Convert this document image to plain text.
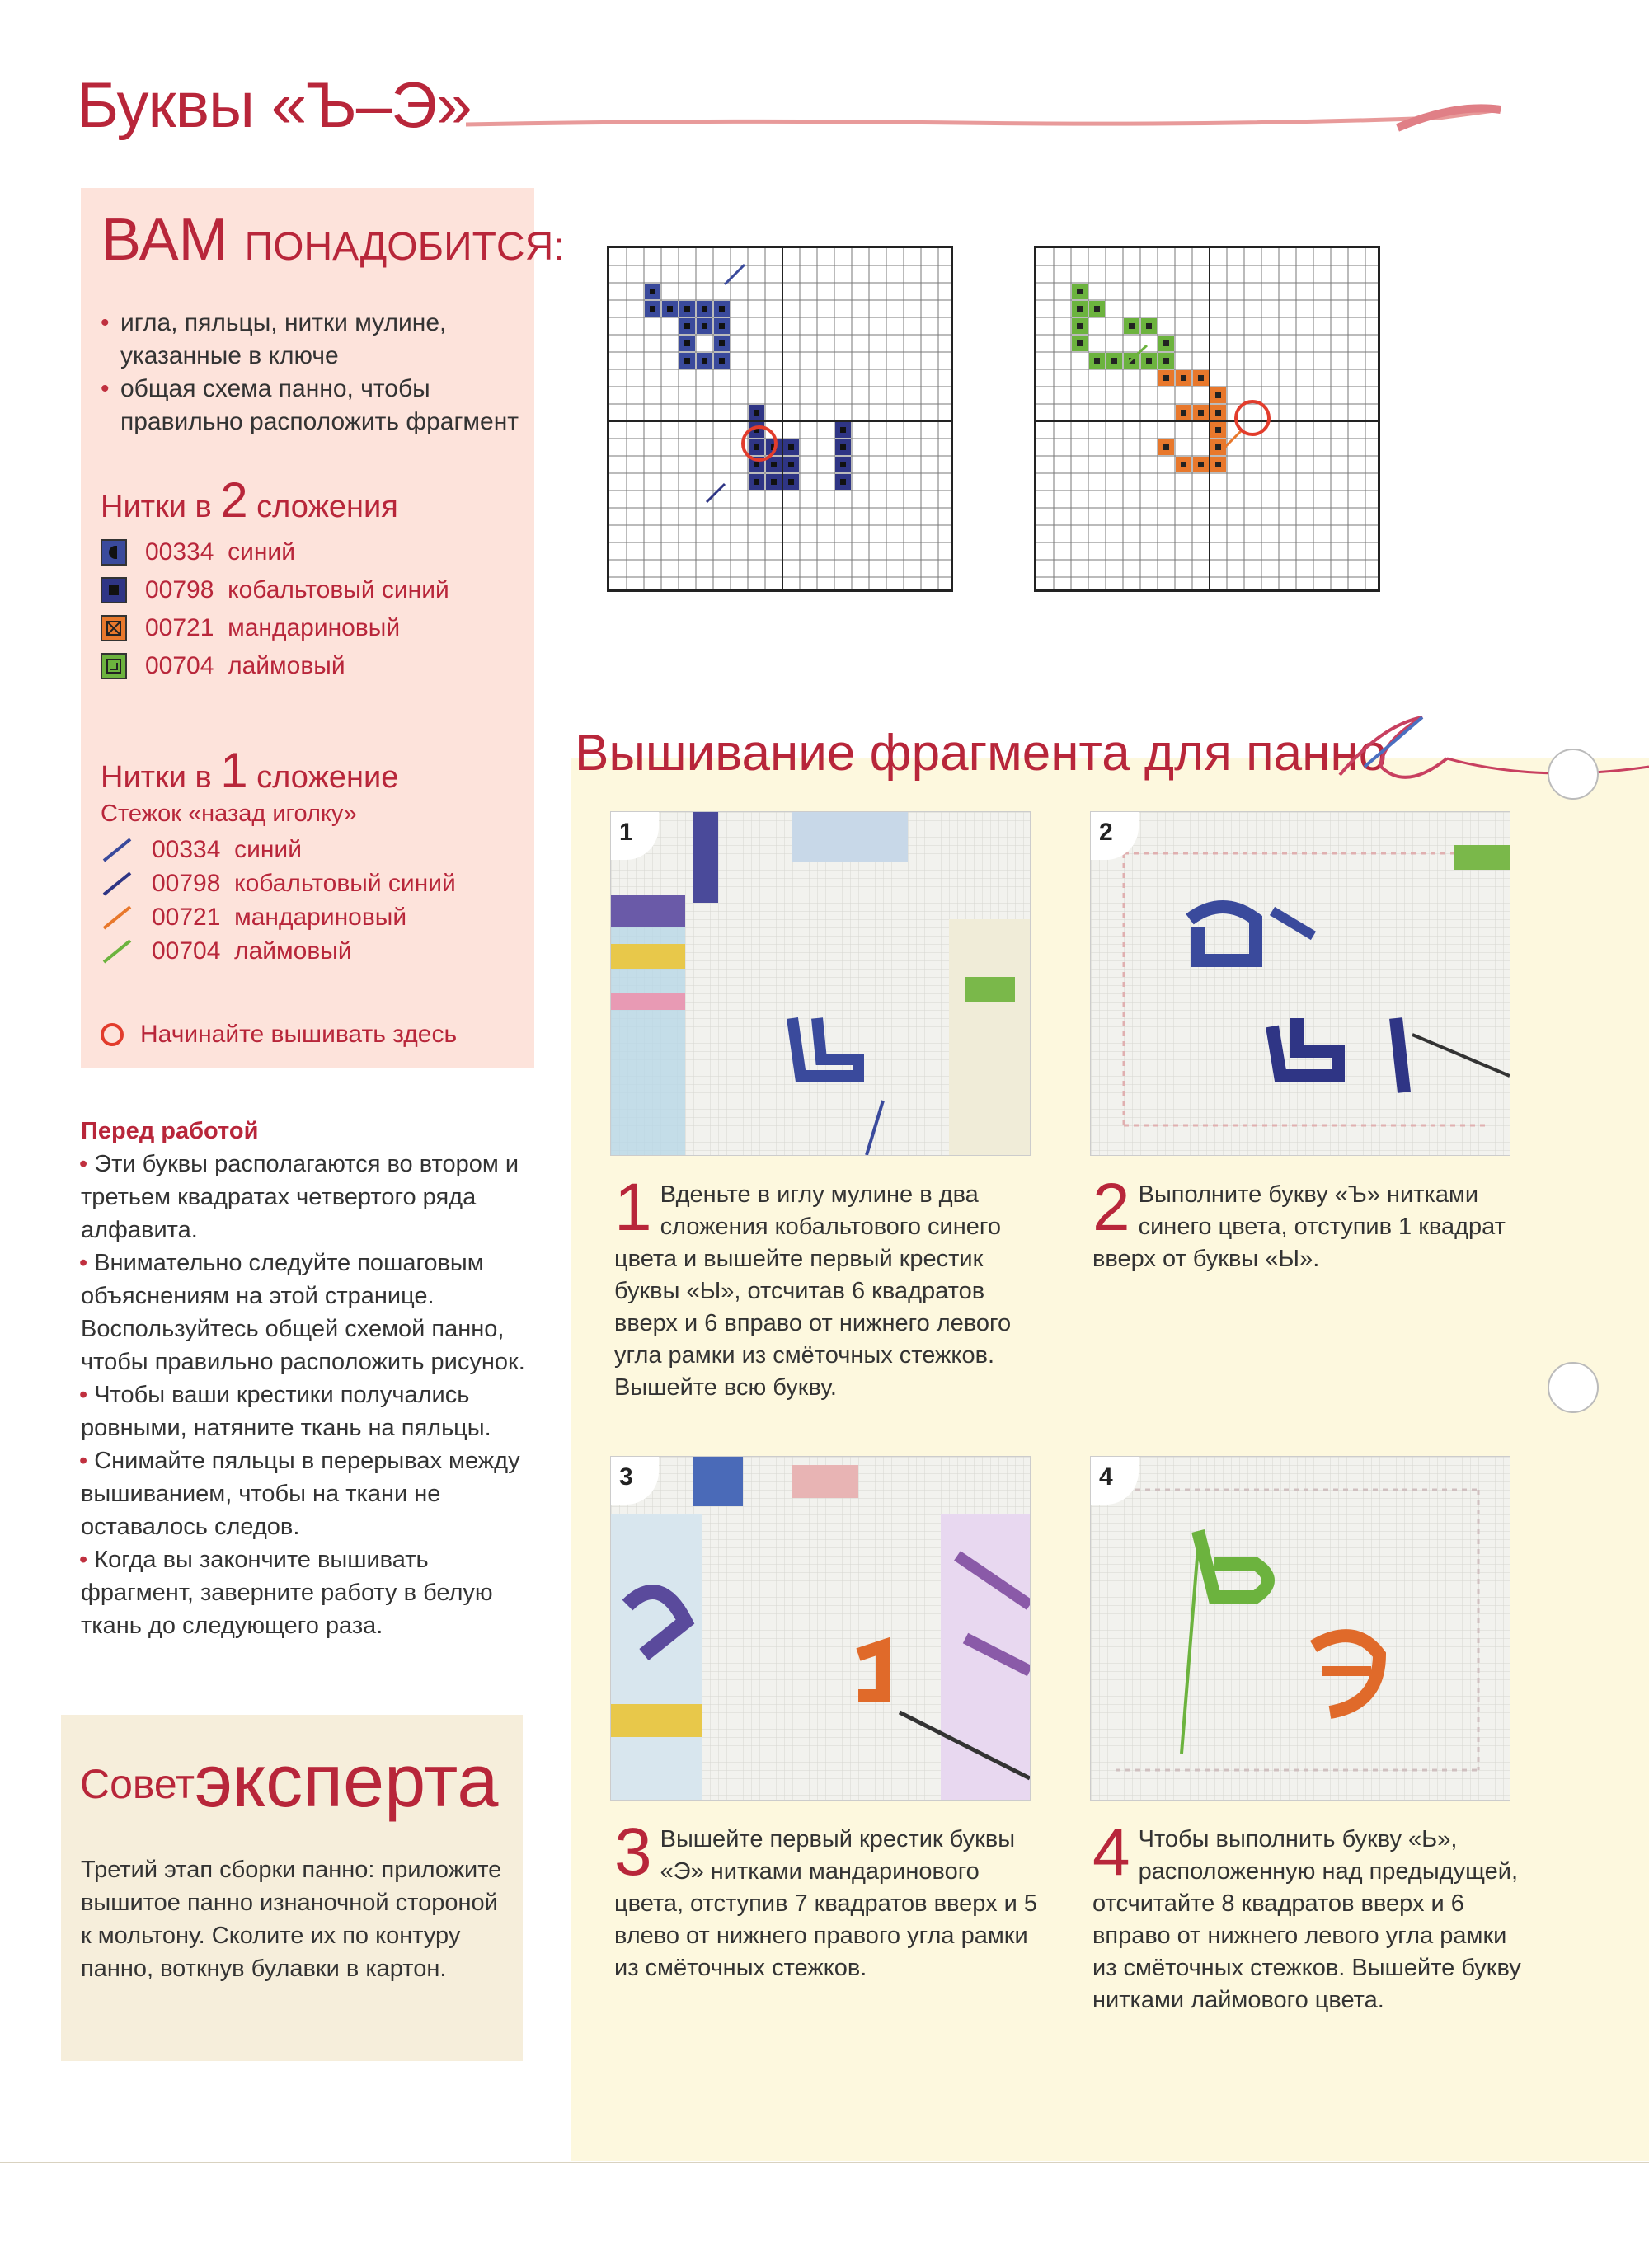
Буквы «Ъ–Э»
ВАМ ПОНАДОБИТСЯ:
• игла, пяльцы, нитки мулине, указанные в ключе
• общая схема панно, чтобы правильно расположить фрагмент
Нитки в 2 сложения
00334
синий
00798
кобальтовый синий
00721
мандариновый
00704
лаймовый
Нитки в 1 сложение
Стежок «назад иголку»
00334
синий
00798
кобальтовый синий
00721
мандариновый
00704
лаймовый
Начинайте вышивать здесь
Перед работой
• Эти буквы располагаются во втором и третьем квадратах четвертого ряда алфавита.
• Внимательно следуйте пошаговым объяснениям на этой странице. Воспользуйтесь общей схемой панно, чтобы правильно расположить рисунок.
• Чтобы ваши крестики получались ровными, натяните ткань на пяльцы.
• Снимайте пяльцы в перерывах между вышиванием, чтобы на ткани не оставалось следов.
• Когда вы закончите вышивать фрагмент, заверните работу в белую ткань до следующего раза.
Советэксперта
Третий этап сборки панно: приложите вышитое панно изнаночной стороной к мольтону. Сколите их по контуру панно, воткнув булавки в картон.
Вышивание фрагмента для панно
1	2
3	4
1 Вденьте в иглу мулине в два сложения кобальтового синего цвета и вышейте первый крестик буквы «Ы», отсчитав 6 квадратов вверх и 6 вправо от нижнего левого угла рамки из смёточных стежков. Вышейте всю букву.
2 Выполните букву «Ъ» нитками синего цвета, отступив 1 квадрат вверх от буквы «Ы».
3 Вышейте первый крестик буквы «Э» нитками мандаринового цвета, отступив 7 квадратов вверх и 5 влево от нижнего правого угла рамки из смёточных стежков.
4 Чтобы выполнить букву «Ь», расположенную над предыдущей, отсчитайте 8 квадратов вверх и 6 вправо от нижнего левого угла рамки из смёточных стежков. Вышейте букву нитками лаймового цвета.
